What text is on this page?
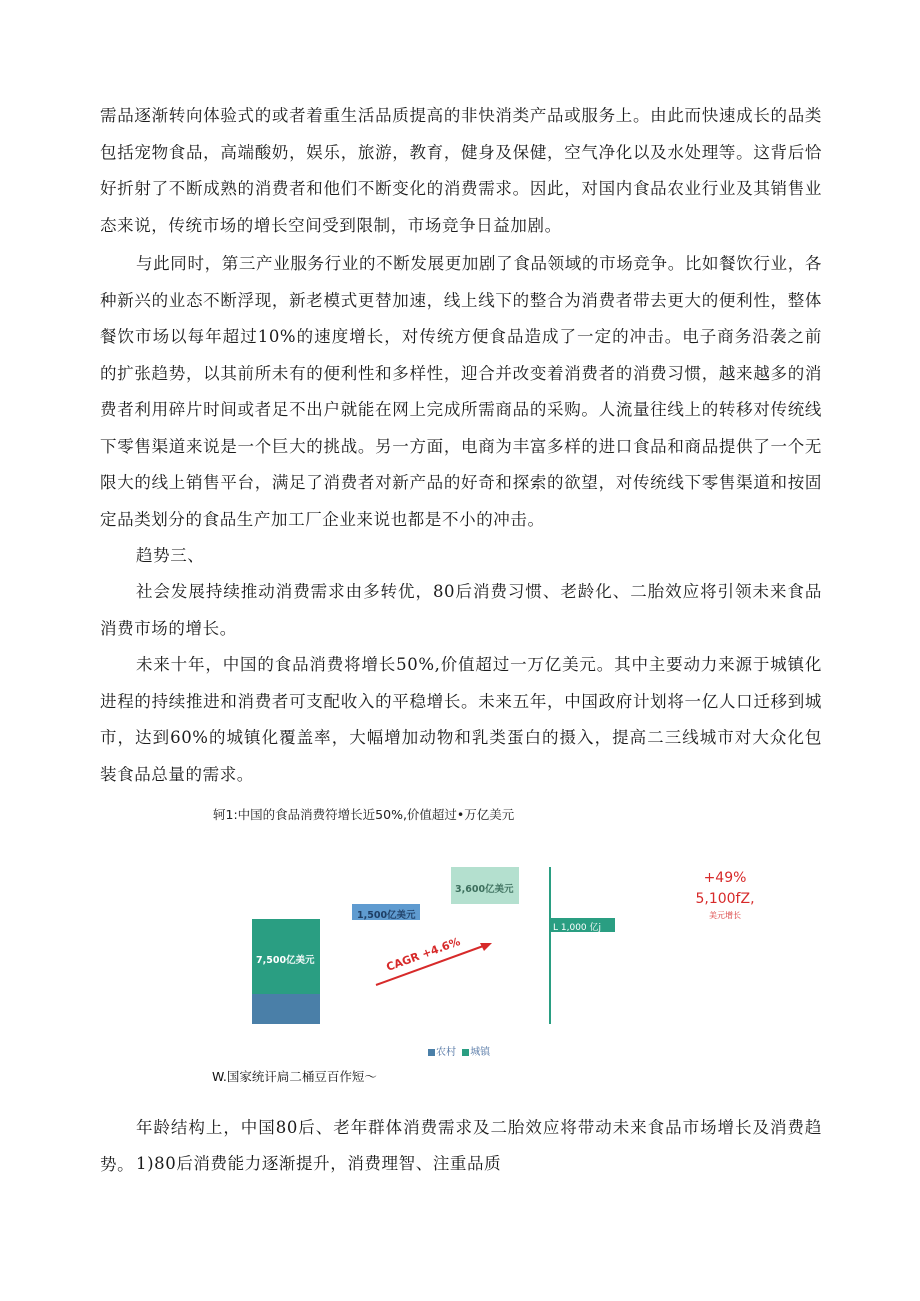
需品逐渐转向体验式的或者着重生活品质提高的非快消类产品或服务上。由此而快速成长的品类包括宠物食品，高端酸奶，娱乐，旅游，教育，健身及保健，空气净化以及水处理等。这背后恰好折射了不断成熟的消费者和他们不断变化的消费需求。因此，对国内食品农业行业及其销售业态来说，传统市场的增长空间受到限制，市场竞争日益加剧。

与此同时，第三产业服务行业的不断发展更加剧了食品领域的市场竞争。比如餐饮行业，各种新兴的业态不断浮现，新老模式更替加速，线上线下的整合为消费者带去更大的便利性，整体餐饮市场以每年超过10%的速度增长，对传统方便食品造成了一定的冲击。电子商务沿袭之前的扩张趋势，以其前所未有的便利性和多样性，迎合并改变着消费者的消费习惯，越来越多的消费者利用碎片时间或者足不出户就能在网上完成所需商品的采购。人流量往线上的转移对传统线下零售渠道来说是一个巨大的挑战。另一方面，电商为丰富多样的进口食品和商品提供了一个无限大的线上销售平台，满足了消费者对新产品的好奇和探索的欲望，对传统线下零售渠道和按固定品类划分的食品生产加工厂企业来说也都是不小的冲击。

趋势三、

社会发展持续推动消费需求由多转优，80后消费习惯、老龄化、二胎效应将引领未来食品消费市场的增长。

未来十年，中国的食品消费将增长50%,价值超过一万亿美元。其中主要动力来源于城镇化进程的持续推进和消费者可支配收入的平稳增长。未来五年，中国政府计划将一亿人口迁移到城市，达到60%的城镇化覆盖率，大幅增加动物和乳类蛋白的摄入，提高二三线城市对大众化包装食品总量的需求。

轲1:中国的食品消费符增长近50%,价值超过•万亿美元
7,500亿美元
1,500亿美元
3,600亿美元
CAGR +4.6%
L 1,000 亿j
+49%
5,100fZ,
美元增长
农村 城镇
W.国家统讦扃二桶豆百作短〜

年龄结构上，中国80后、老年群体消费需求及二胎效应将带动未来食品市场增长及消费趋势。 1)80后消费能力逐渐提升，消费理智、注重品质
